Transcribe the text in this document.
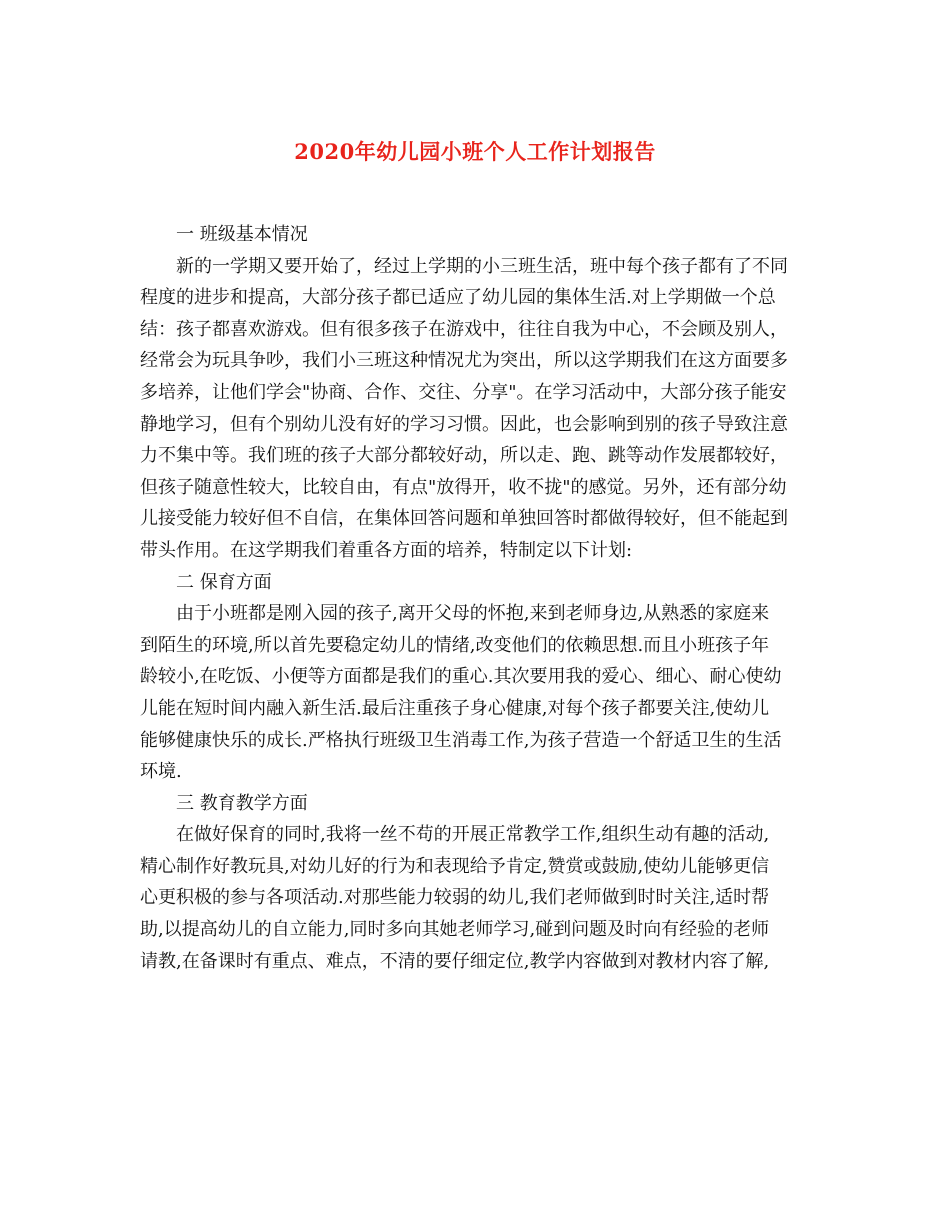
2020年幼儿园小班个人工作计划报告
一 班级基本情况
新的一学期又要开始了，经过上学期的小三班生活，班中每个孩子都有了不同
程度的进步和提高，大部分孩子都已适应了幼儿园的集体生活.对上学期做一个总
结：孩子都喜欢游戏。但有很多孩子在游戏中，往往自我为中心，不会顾及别人，
经常会为玩具争吵，我们小三班这种情况尤为突出，所以这学期我们在这方面要多
多培养，让他们学会"协商、合作、交往、分享"。在学习活动中，大部分孩子能安
静地学习，但有个别幼儿没有好的学习习惯。因此，也会影响到别的孩子导致注意
力不集中等。我们班的孩子大部分都较好动，所以走、跑、跳等动作发展都较好，
但孩子随意性较大，比较自由，有点"放得开，收不拢"的感觉。另外，还有部分幼
儿接受能力较好但不自信，在集体回答问题和单独回答时都做得较好，但不能起到
带头作用。在这学期我们着重各方面的培养，特制定以下计划:
二 保育方面
由于小班都是刚入园的孩子,离开父母的怀抱,来到老师身边,从熟悉的家庭来
到陌生的环境,所以首先要稳定幼儿的情绪,改变他们的依赖思想.而且小班孩子年
龄较小,在吃饭、小便等方面都是我们的重心.其次要用我的爱心、细心、耐心使幼
儿能在短时间内融入新生活.最后注重孩子身心健康,对每个孩子都要关注,使幼儿
能够健康快乐的成长.严格执行班级卫生消毒工作,为孩子营造一个舒适卫生的生活
环境.
三 教育教学方面
在做好保育的同时,我将一丝不苟的开展正常教学工作,组织生动有趣的活动,
精心制作好教玩具,对幼儿好的行为和表现给予肯定,赞赏或鼓励,使幼儿能够更信
心更积极的参与各项活动.对那些能力较弱的幼儿,我们老师做到时时关注,适时帮
助,以提高幼儿的自立能力,同时多向其她老师学习,碰到问题及时向有经验的老师
请教,在备课时有重点、难点，不清的要仔细定位,教学内容做到对教材内容了解,
